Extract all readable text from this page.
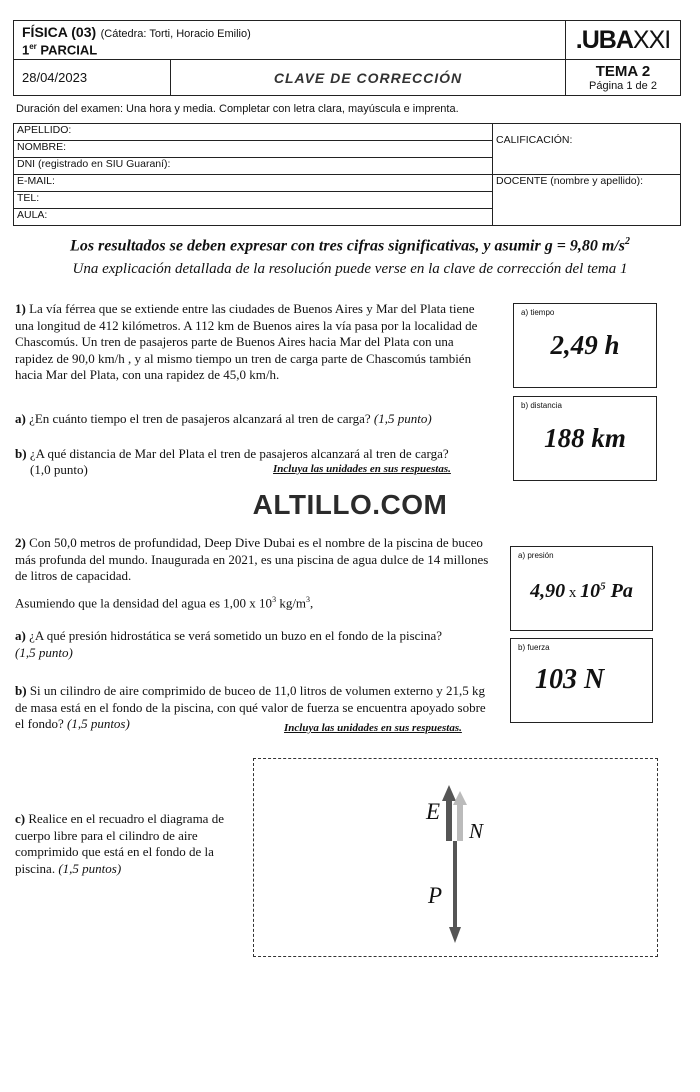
FÍSICA (03) (Cátedra: Torti, Horacio Emilio)
1er PARCIAL		.UBAXXI
28/04/2023	CLAVE DE CORRECCIÓN	TEMA 2
Página 1 de 2
Duración del examen: Una hora y media. Completar con letra clara, mayúscula e imprenta.
APELLIDO:	CALIFICACIÓN:
NOMBRE:	
DNI (registrado en SIU Guaraní):	
E-MAIL:	DOCENTE (nombre y apellido):
TEL:	
AULA:	
Los resultados se deben expresar con tres cifras significativas, y asumir g = 9,80 $m/s^2$
Una explicación detallada de la resolución puede verse en la clave de corrección del tema 1
1) La vía férrea que se extiende entre las ciudades de Buenos Aires y Mar del Plata tiene una longitud de 412 kilómetros. A 112 km de Buenos aires la vía pasa por la localidad de Chascomús. Un tren de pasajeros parte de Buenos Aires hacia Mar del Plata con una rapidez de 90,0 km/h , y al mismo tiempo un tren de carga parte de Chascomús también hacia Mar del Plata, con una rapidez de 45,0 km/h.
a) ¿En cuánto tiempo el tren de pasajeros alcanzará al tren de carga? (1,5 punto)
b) ¿A qué distancia de Mar del Plata el tren de pasajeros alcanzará al tren de carga?
(1,0 punto)	Incluya las unidades en sus respuestas.
a) tiempo
2,49 h
b) distancia
188 km
ALTILLO.COM
2) Con 50,0 metros de profundidad, Deep Dive Dubai es el nombre de la piscina de buceo más profunda del mundo. Inaugurada en 2021, es una piscina de agua dulce de 14 millones de litros de capacidad.
Asumiendo que la densidad del agua es 1,00 x $10^3$ $kg/m^3$,
a) ¿A qué presión hidrostática se verá sometido un buzo en el fondo de la piscina?
(1,5 punto)
b) Si un cilindro de aire comprimido de buceo de 11,0 litros de volumen externo y 21,5 kg de masa está en el fondo de la piscina, con qué valor de fuerza se encuentra apoyado sobre el fondo? (1,5 puntos)	Incluya las unidades en sus respuestas.
a) presión
4,90 x $10^5$ Pa
b) fuerza
103 N
c) Realice en el recuadro el diagrama de cuerpo libre para el cilindro de aire comprimido que está en el fondo de la piscina. (1,5 puntos)
E
N
P
